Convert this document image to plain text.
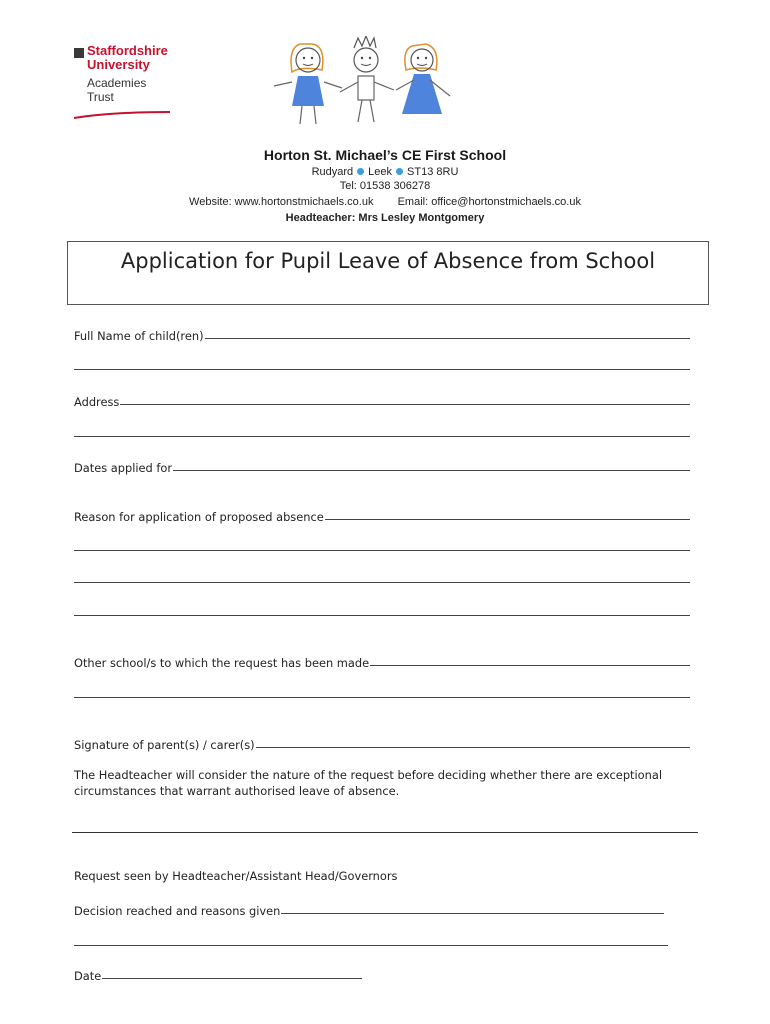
Staffordshire
University
Academies
Trust
Horton St. Michael’s CE First School
Rudyard Leek ST13 8RU
Tel: 01538 306278
Website: www.hortonstmichaels.co.uk Email: office@hortonstmichaels.co.uk
Headteacher: Mrs Lesley Montgomery
Application for Pupil Leave of Absence from School
Full Name of child(ren)
Address
Dates applied for
Reason for application of proposed absence
Other school/s to which the request has been made
Signature of parent(s) / carer(s)
The Headteacher will consider the nature of the request before deciding whether there are exceptional circumstances that warrant authorised leave of absence.
Request seen by Headteacher/Assistant Head/Governors
Decision reached and reasons given
Date
